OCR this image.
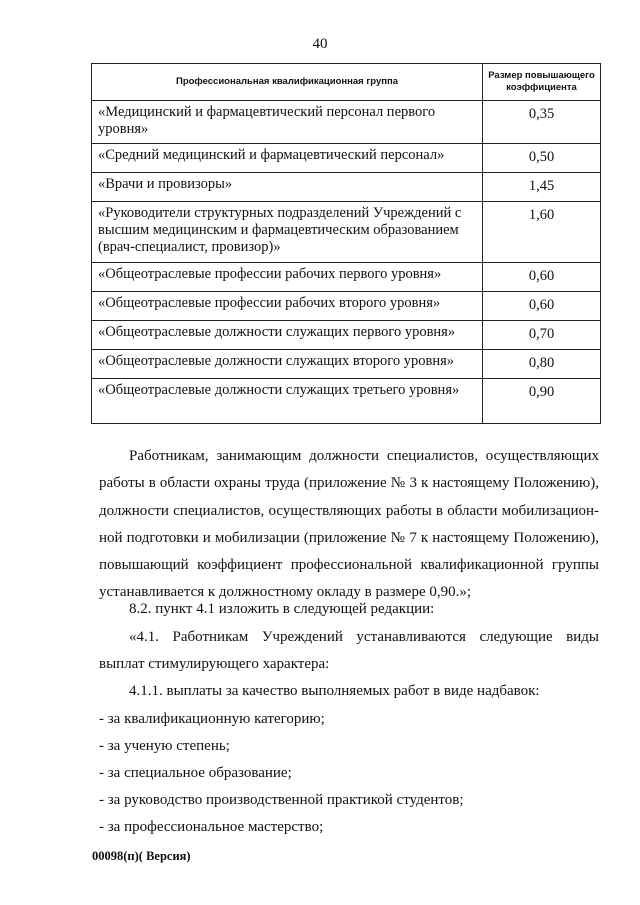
40
Профессиональная квалификационная группа	Размер повышающего коэффициента
«Медицинский и фармацевтический персонал первого уровня»	0,35
«Средний медицинский и фармацевтический персонал»	0,50
«Врачи и провизоры»	1,45
«Руководители структурных подразделений Учреждений с высшим медицинским и фармацевтическим образованием (врач-специалист, провизор)»	1,60
«Общеотраслевые профессии рабочих первого уровня»	0,60
«Общеотраслевые профессии рабочих второго уровня»	0,60
«Общеотраслевые должности служащих первого уровня»	0,70
«Общеотраслевые должности служащих второго уровня»	0,80
«Общеотраслевые должности служащих третьего уровня»	0,90

Работникам, занимающим должности специалистов, осуществляющих работы в области охраны труда (приложение № 3 к настоящему Положению), должности специалистов, осуществляющих работы в области мобилизацион-ной подготовки и мобилизации (приложение № 7 к настоящему Положению), повышающий коэффициент профессиональной квалификационной группы устанавливается к должностному окладу в размере 0,90.»;

8.2. пункт 4.1 изложить в следующей редакции:

«4.1. Работникам Учреждений устанавливаются следующие виды выплат стимулирующего характера:

4.1.1. выплаты за качество выполняемых работ в виде надбавок:

- за квалификационную категорию;

- за ученую степень;

- за специальное образование;

- за руководство производственной практикой студентов;

- за профессиональное мастерство;

00098(п)( Версия)
